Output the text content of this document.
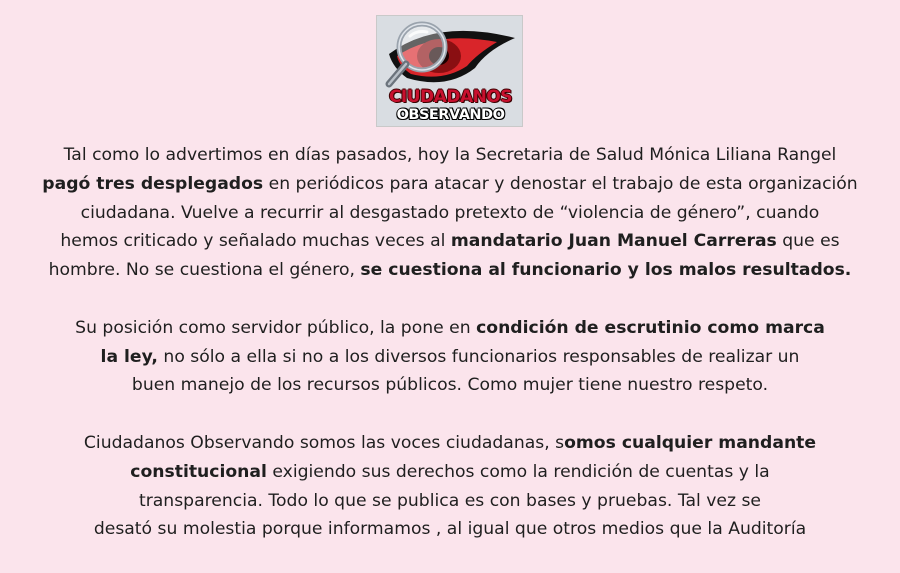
CIUDADANOS
OBSERVANDO

Tal como lo advertimos en días pasados, hoy la Secretaria de Salud Mónica Liliana Rangel
pagó tres desplegados en periódicos para atacar y denostar el trabajo de esta organización
ciudadana. Vuelve a recurrir al desgastado pretexto de “violencia de género”, cuando
hemos criticado y señalado muchas veces al mandatario Juan Manuel Carreras que es
hombre. No se cuestiona el género, se cuestiona al funcionario y los malos resultados.

Su posición como servidor público, la pone en condición de escrutinio como marca
la ley, no sólo a ella si no a los diversos funcionarios responsables de realizar un
buen manejo de los recursos públicos. Como mujer tiene nuestro respeto.

Ciudadanos Observando somos las voces ciudadanas, somos cualquier mandante
constitucional exigiendo sus derechos como la rendición de cuentas y la
transparencia. Todo lo que se publica es con bases y pruebas. Tal vez se
desató su molestia porque informamos , al igual que otros medios que la Auditoría
